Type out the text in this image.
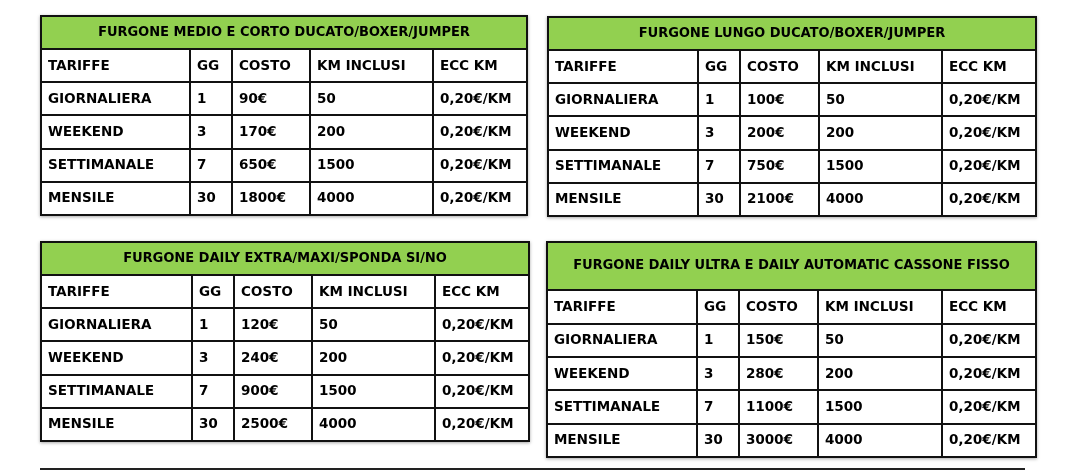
FURGONE MEDIO E CORTO DUCATO/BOXER/JUMPER				
TARIFFE	GG	COSTO	KM INCLUSI	ECC KM
GIORNALIERA	1	90€	50	0,20€/KM
WEEKEND	3	170€	200	0,20€/KM
SETTIMANALE	7	650€	1500	0,20€/KM
MENSILE	30	1800€	4000	0,20€/KM
FURGONE LUNGO DUCATO/BOXER/JUMPER				
TARIFFE	GG	COSTO	KM INCLUSI	ECC KM
GIORNALIERA	1	100€	50	0,20€/KM
WEEKEND	3	200€	200	0,20€/KM
SETTIMANALE	7	750€	1500	0,20€/KM
MENSILE	30	2100€	4000	0,20€/KM
FURGONE DAILY EXTRA/MAXI/SPONDA SI/NO				
TARIFFE	GG	COSTO	KM INCLUSI	ECC KM
GIORNALIERA	1	120€	50	0,20€/KM
WEEKEND	3	240€	200	0,20€/KM
SETTIMANALE	7	900€	1500	0,20€/KM
MENSILE	30	2500€	4000	0,20€/KM
FURGONE DAILY ULTRA E DAILY AUTOMATIC CASSONE FISSO				
TARIFFE	GG	COSTO	KM INCLUSI	ECC KM
GIORNALIERA	1	150€	50	0,20€/KM
WEEKEND	3	280€	200	0,20€/KM
SETTIMANALE	7	1100€	1500	0,20€/KM
MENSILE	30	3000€	4000	0,20€/KM
